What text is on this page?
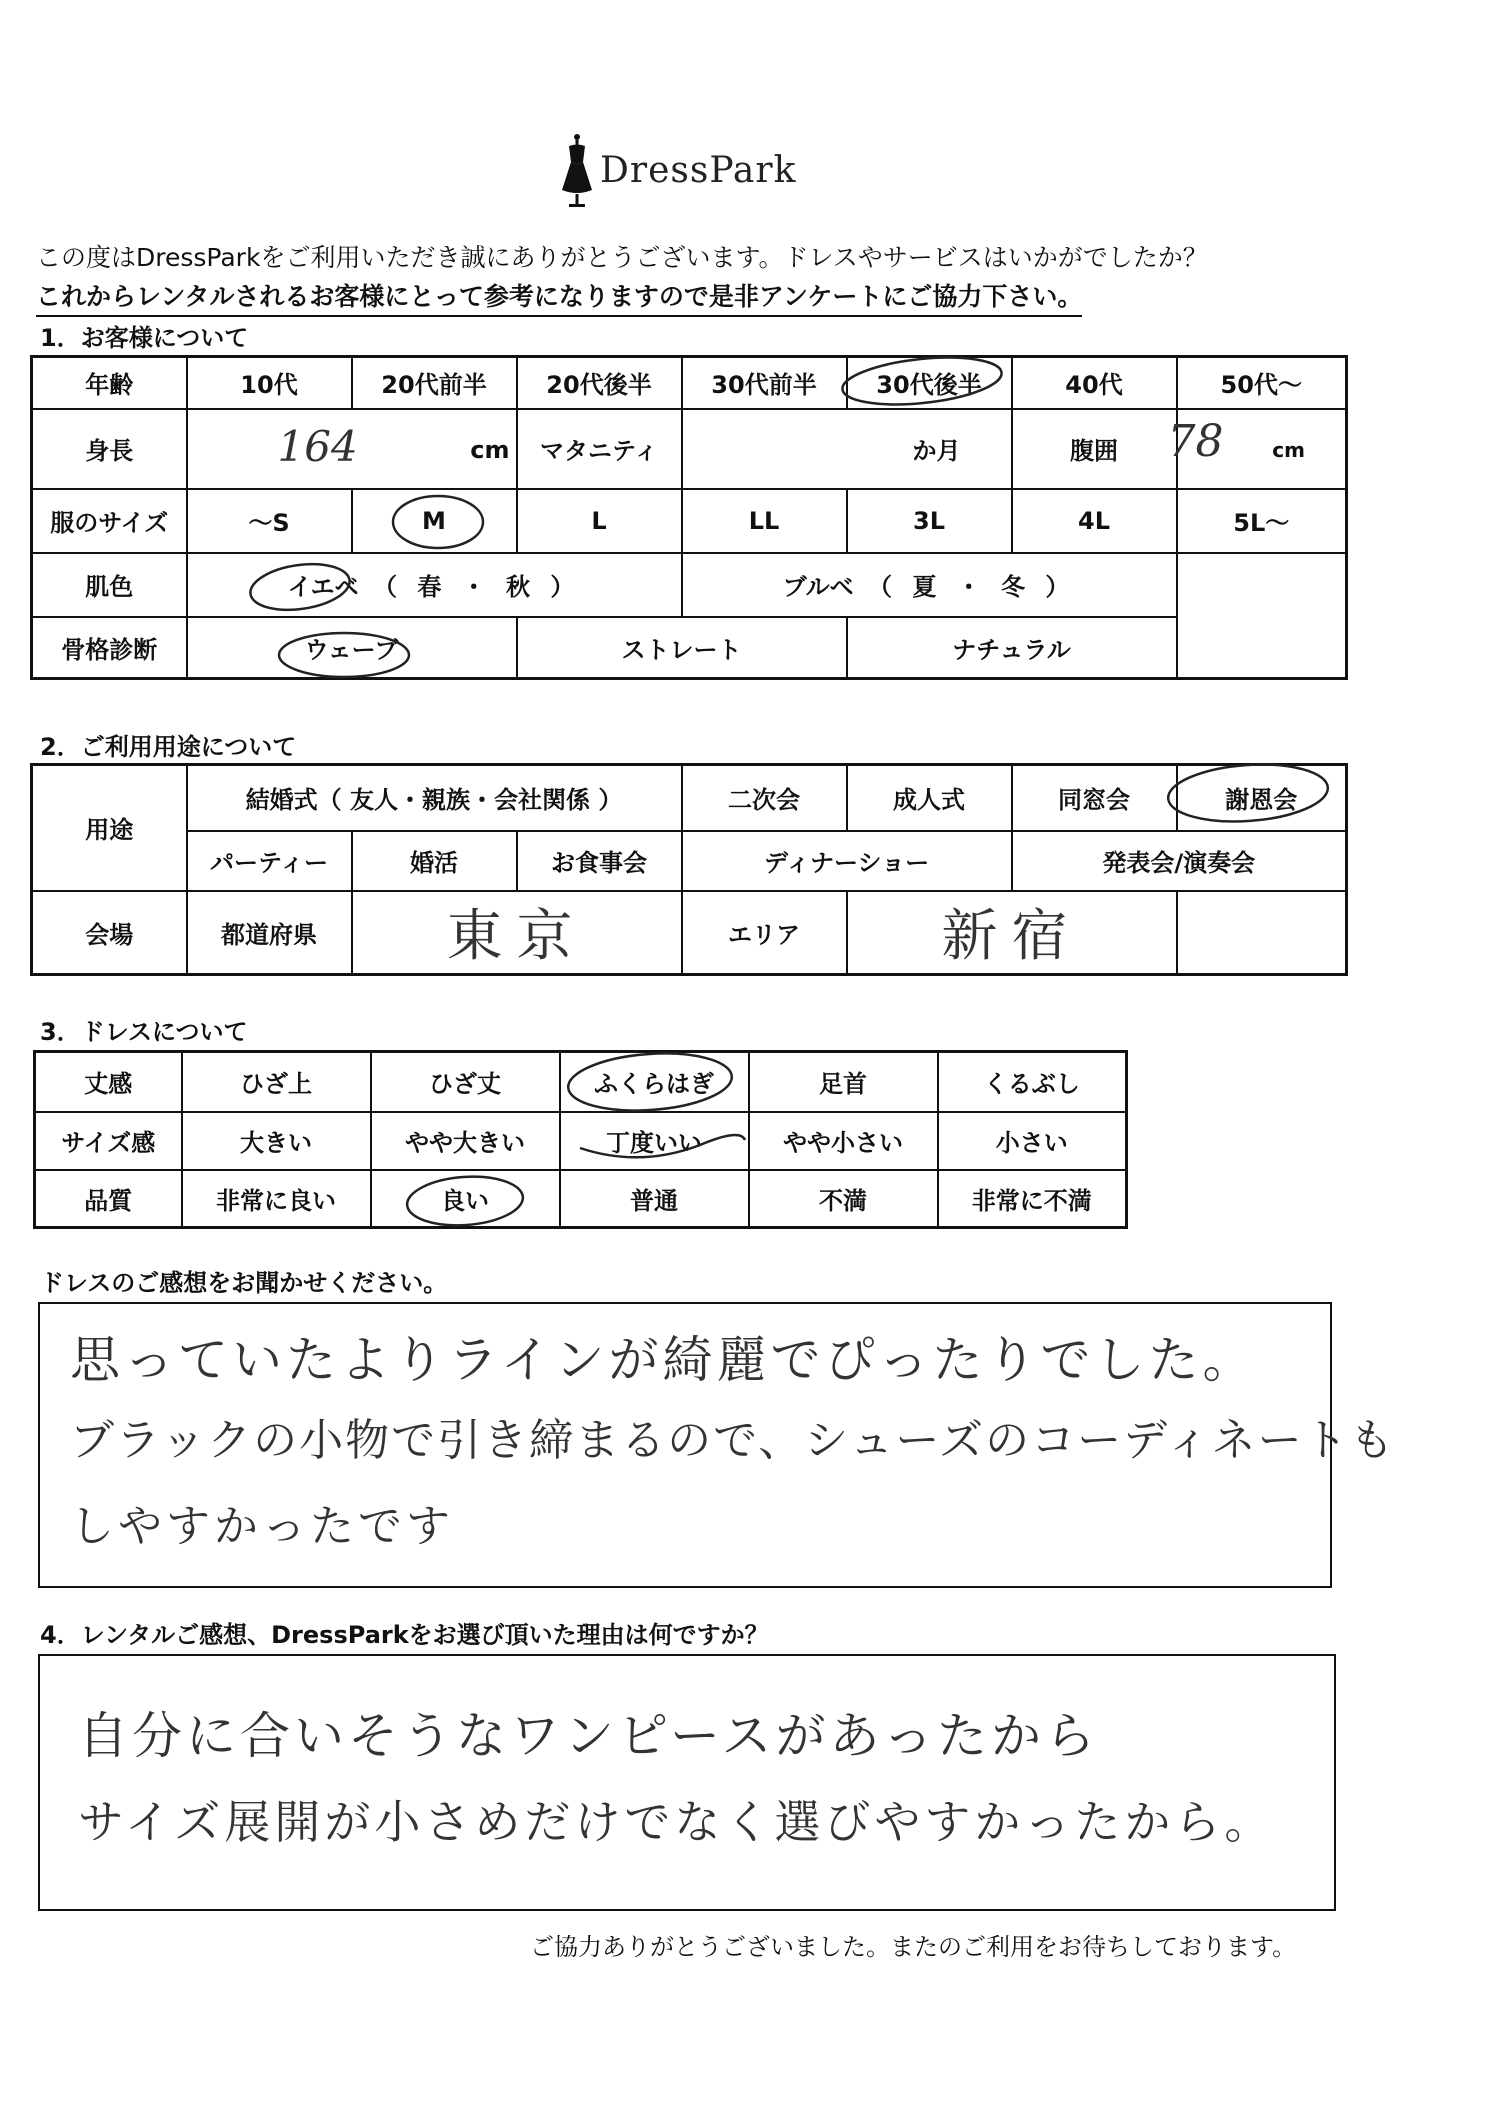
DressPark
この度はDressParkをご利用いただき誠にありがとうございます。ドレスやサービスはいかがでしたか？
これからレンタルされるお客様にとって参考になりますので是非アンケートにご協力下さい。
1．お客様について
年齢	10代	20代前半	20代後半	30代前半	30代後半	40代	50代～
身長	164 cm		マタニティ	か月		腹囲	78 cm

服のサイズ	～S	M	L	LL	3L	4L	5L～
肌色	イエベ （ 春 ・ 秋 ）			ブルベ （ 夏 ・ 冬 ）			
骨格診断	ウェーブ		ストレート		ナチュラル		
2．ご利用用途について
用途	結婚式（ 友人・親族・会社関係 ）			二次会	成人式	同窓会	謝恩会
	パーティー	婚活	お食事会	ディナーショー		発表会/演奏会	
会場	都道府県	東京		エリア	新宿		
3．ドレスについて
丈感	ひざ上	ひざ丈	ふくらはぎ	足首	くるぶし
サイズ感	大きい	やや大きい	丁度いい	やや小さい	小さい
品質	非常に良い	良い	普通	不満	非常に不満
ドレスのご感想をお聞かせください。
思っていたよりラインが綺麗でぴったりでした。
ブラックの小物で引き締まるので、シューズのコーディネートも
しやすかったです
4．レンタルご感想、DressParkをお選び頂いた理由は何ですか？
自分に合いそうなワンピースがあったから
サイズ展開が小さめだけでなく選びやすかったから。
ご協力ありがとうございました。またのご利用をお待ちしております。
